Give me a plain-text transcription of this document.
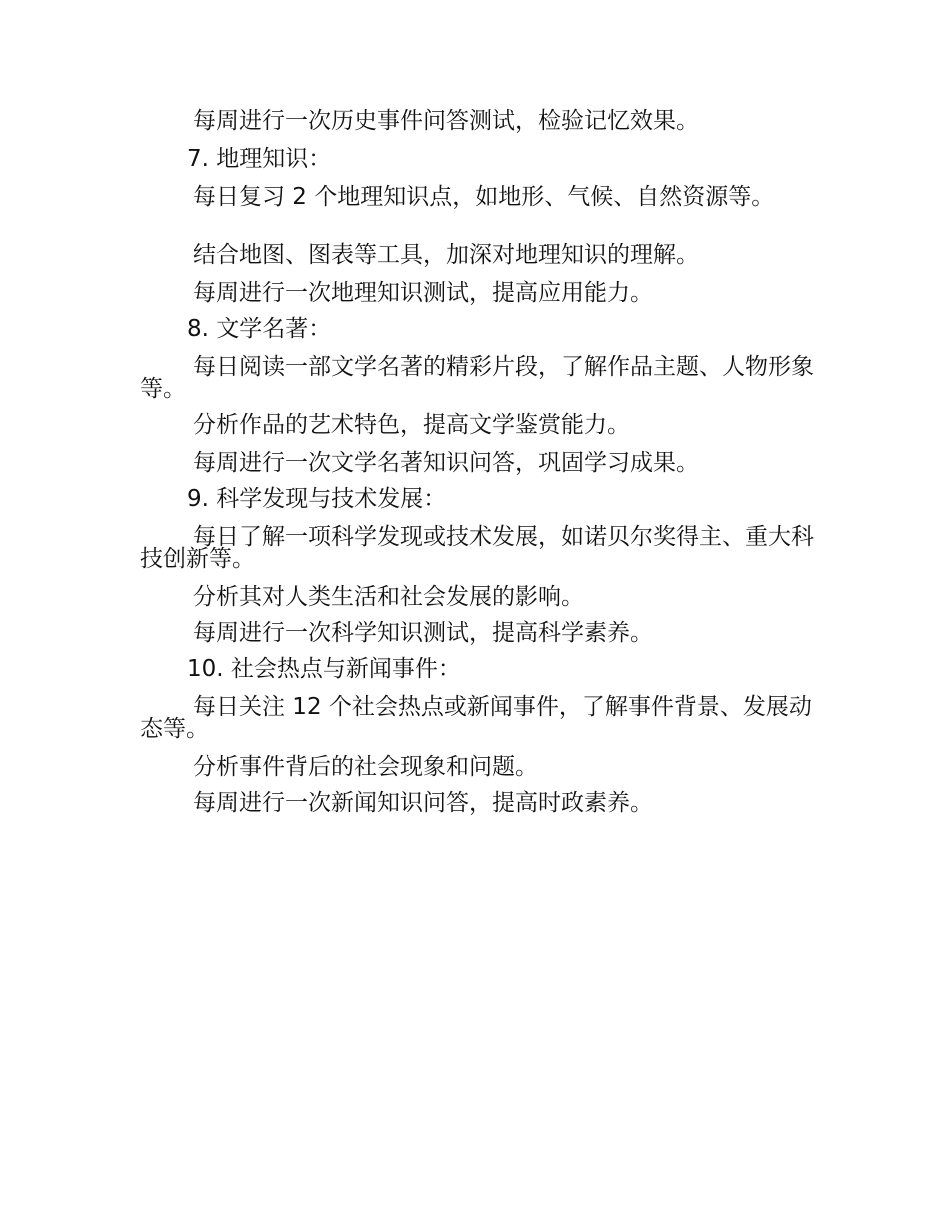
每周进行一次历史事件问答测试，检验记忆效果。
7. 地理知识：
每日复习 2 个地理知识点，如地形、气候、自然资源等。
结合地图、图表等工具，加深对地理知识的理解。
每周进行一次地理知识测试，提高应用能力。
8. 文学名著：
每日阅读一部文学名著的精彩片段，了解作品主题、人物形象等。
分析作品的艺术特色，提高文学鉴赏能力。
每周进行一次文学名著知识问答，巩固学习成果。
9. 科学发现与技术发展：
每日了解一项科学发现或技术发展，如诺贝尔奖得主、重大科技创新等。
分析其对人类生活和社会发展的影响。
每周进行一次科学知识测试，提高科学素养。
10. 社会热点与新闻事件：
每日关注 12 个社会热点或新闻事件，了解事件背景、发展动态等。
分析事件背后的社会现象和问题。
每周进行一次新闻知识问答，提高时政素养。
